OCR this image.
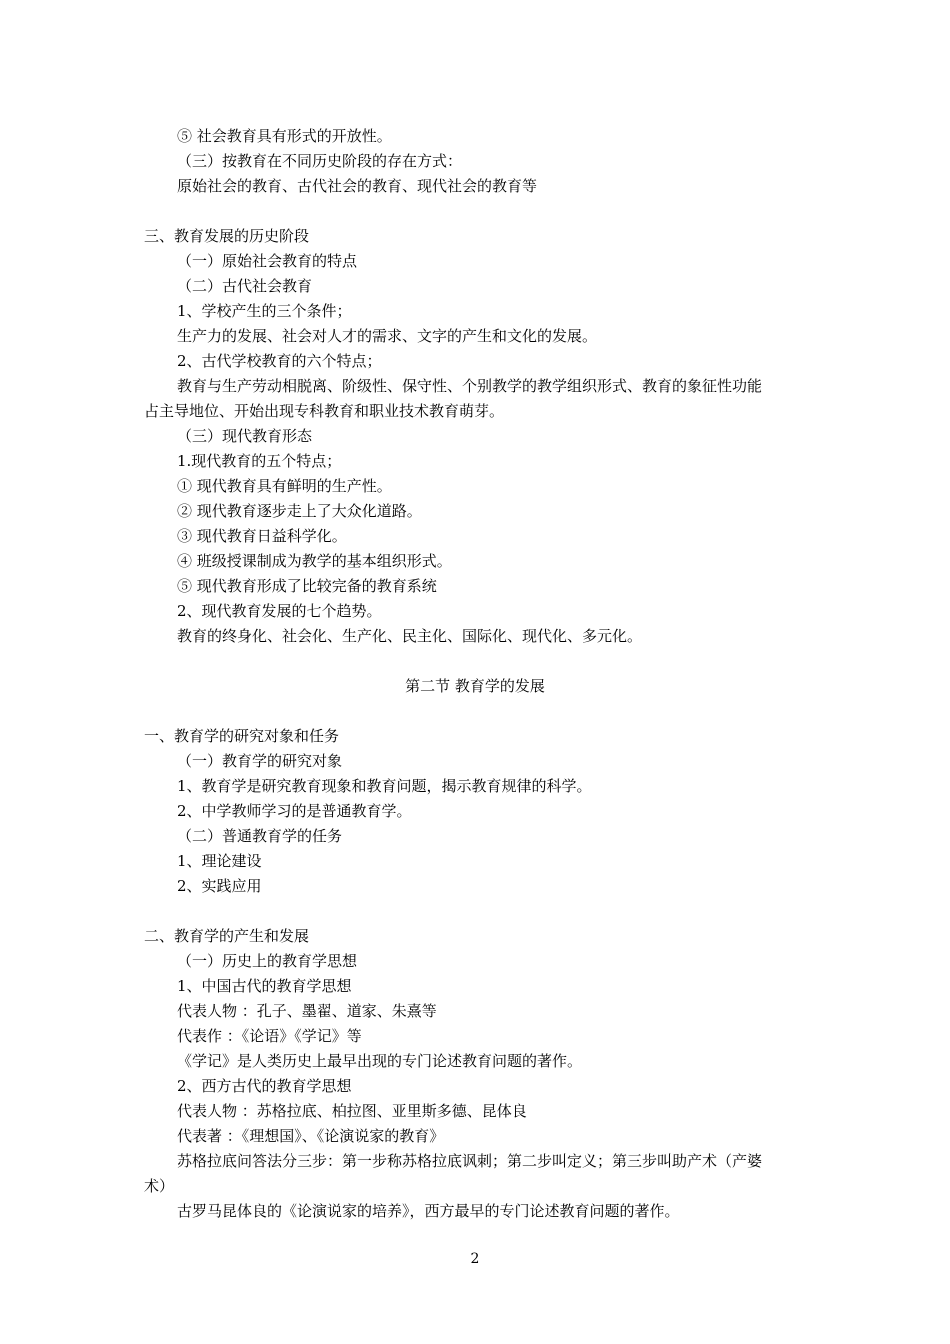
⑤ 社会教育具有形式的开放性。
（三）按教育在不同历史阶段的存在方式：
原始社会的教育、古代社会的教育、现代社会的教育等
三、教育发展的历史阶段
（一）原始社会教育的特点
（二）古代社会教育
1、学校产生的三个条件；
生产力的发展、社会对人才的需求、文字的产生和文化的发展。
2、古代学校教育的六个特点；
教育与生产劳动相脱离、阶级性、保守性、个别教学的教学组织形式、教育的象征性功能
占主导地位、开始出现专科教育和职业技术教育萌芽。
（三）现代教育形态
1.现代教育的五个特点；
① 现代教育具有鲜明的生产性。
② 现代教育逐步走上了大众化道路。
③ 现代教育日益科学化。
④ 班级授课制成为教学的基本组织形式。
⑤ 现代教育形成了比较完备的教育系统
2、现代教育发展的七个趋势。
教育的终身化、社会化、生产化、民主化、国际化、现代化、多元化。
第二节 教育学的发展
一、教育学的研究对象和任务
（一）教育学的研究对象
1、教育学是研究教育现象和教育问题，揭示教育规律的科学。
2、中学教师学习的是普通教育学。
（二）普通教育学的任务
1、理论建设
2、实践应用
二、教育学的产生和发展
（一）历史上的教育学思想
1、中国古代的教育学思想
代表人物 ：孔子、墨翟、道家、朱熹等
代表作 ：《论语》《学记》等
《学记》是人类历史上最早出现的专门论述教育问题的著作。
2、西方古代的教育学思想
代表人物 ：苏格拉底、柏拉图、亚里斯多德、昆体良
代表著 ：《理想国》、《论演说家的教育》
苏格拉底问答法分三步：第一步称苏格拉底讽刺；第二步叫定义；第三步叫助产术（产婆
术）
古罗马昆体良的《论演说家的培养》，西方最早的专门论述教育问题的著作。
2
